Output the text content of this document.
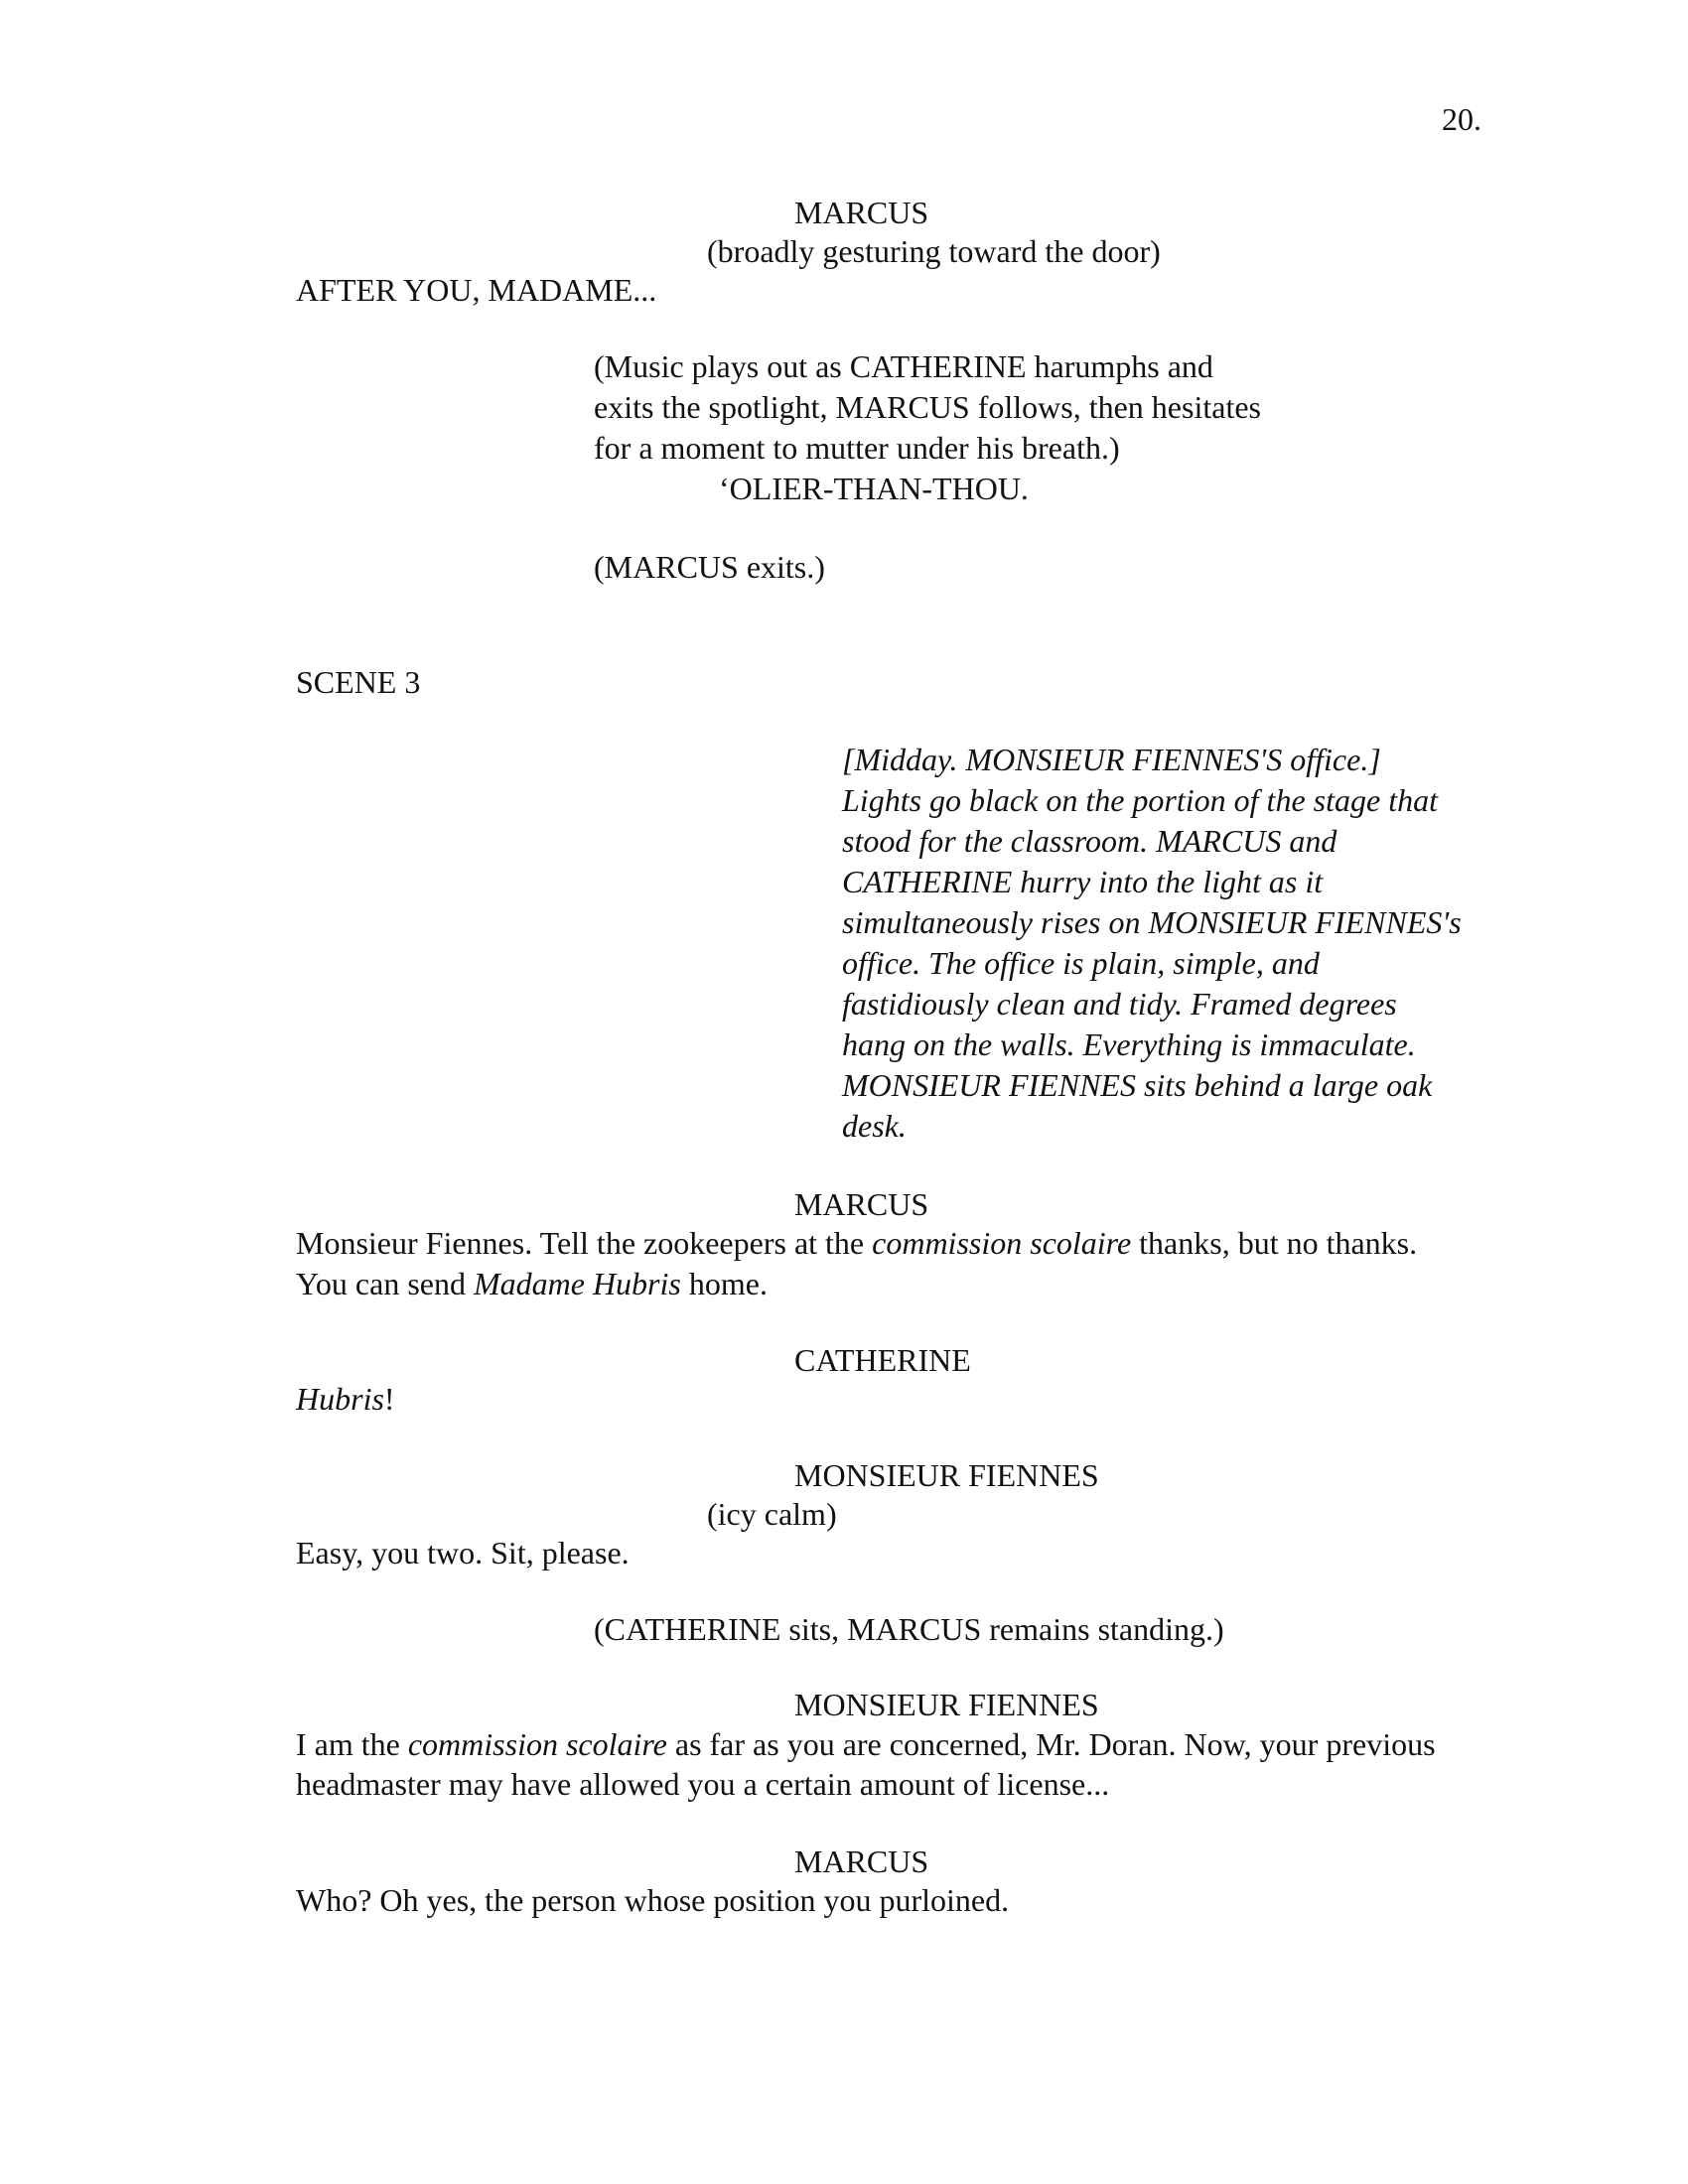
20.
MARCUS
(broadly gesturing toward the door)
AFTER YOU, MADAME...
(Music plays out as CATHERINE harumphs and
exits the spotlight, MARCUS follows, then hesitates
for a moment to mutter under his breath.)
‘OLIER-THAN-THOU.
(MARCUS exits.)
SCENE 3
[Midday. MONSIEUR FIENNES'S office.]
Lights go black on the portion of the stage that
stood for the classroom. MARCUS and
CATHERINE hurry into the light as it
simultaneously rises on MONSIEUR FIENNES's
office. The office is plain, simple, and
fastidiously clean and tidy. Framed degrees
hang on the walls. Everything is immaculate.
MONSIEUR FIENNES sits behind a large oak
desk.
MARCUS
Monsieur Fiennes. Tell the zookeepers at the commission scolaire thanks, but no thanks.
You can send Madame Hubris home.
CATHERINE
Hubris!
MONSIEUR FIENNES
(icy calm)
Easy, you two. Sit, please.
(CATHERINE sits, MARCUS remains standing.)
MONSIEUR FIENNES
I am the commission scolaire as far as you are concerned, Mr. Doran. Now, your previous
headmaster may have allowed you a certain amount of license...
MARCUS
Who? Oh yes, the person whose position you purloined.
